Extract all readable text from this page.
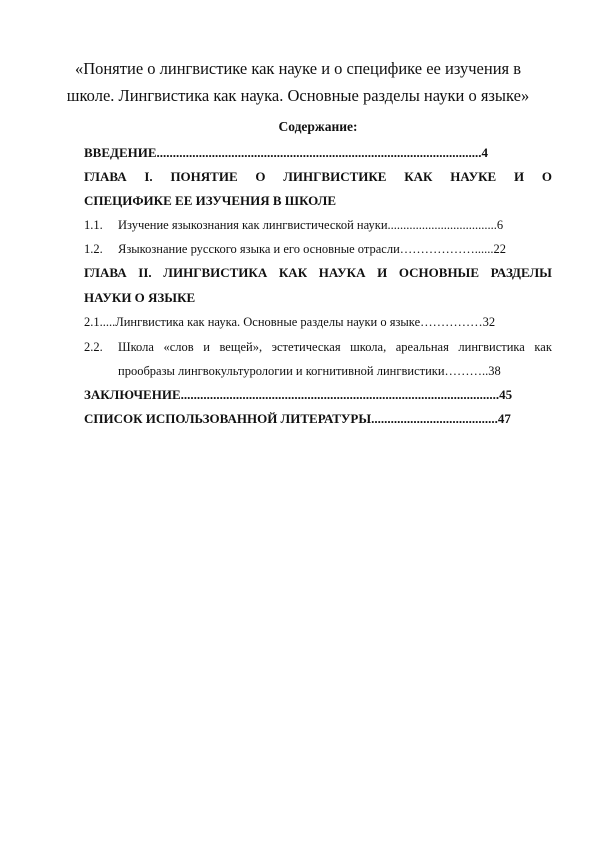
«Понятие о лингвистике как науке и о специфике ее изучения в
школе. Лингвистика как наука. Основные разделы науки о языке»
Содержание:
ВВЕДЕНИЕ....................................................................................................4
ГЛАВА I. ПОНЯТИЕ О ЛИНГВИСТИКЕ КАК НАУКЕ И О
СПЕЦИФИКЕ ЕЕ ИЗУЧЕНИЯ В ШКОЛЕ
1.1. Изучение языкознания как лингвистической науки...................................6
1.2. Языкознание русского языка и его основные отрасли………………......22
ГЛАВА II. ЛИНГВИСТИКА КАК НАУКА И ОСНОВНЫЕ РАЗДЕЛЫ
НАУКИ О ЯЗЫКЕ
2.1.....Лингвистика как наука. Основные разделы науки о языке……………32
2.2.	Школа «слов и вещей», эстетическая школа, ареальная лингвистика как
прообразы лингвокультурологии и когнитивной лингвистики………..38
ЗАКЛЮЧЕНИЕ..................................................................................................45
СПИСОК ИСПОЛЬЗОВАННОЙ ЛИТЕРАТУРЫ.......................................47
